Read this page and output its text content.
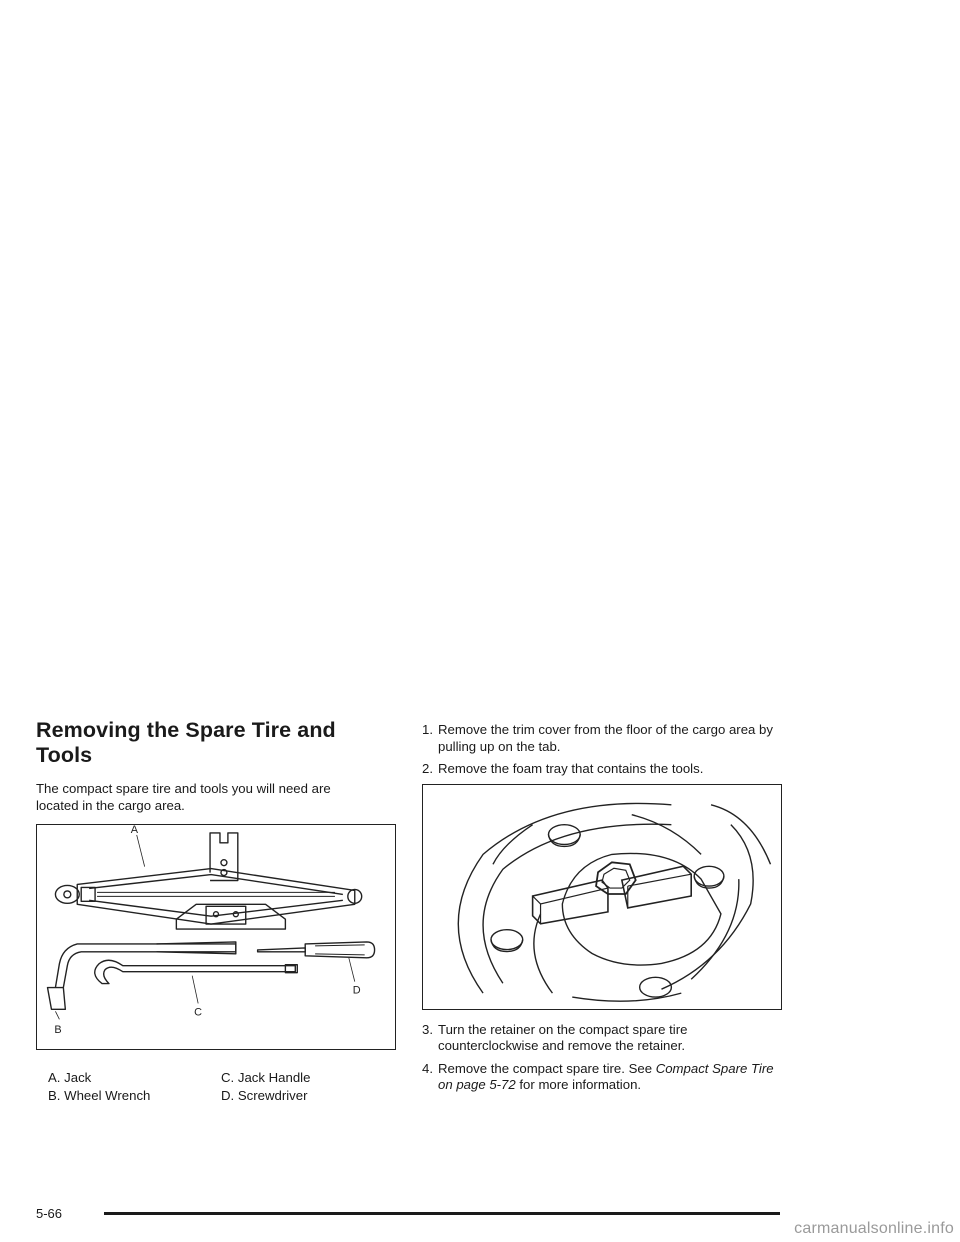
Removing the Spare Tire and Tools

The compact spare tire and tools you will need are located in the cargo area.

A
B
C
D
A. Jack	C. Jack Handle
B. Wheel Wrench	D. Screwdriver
1. Remove the trim cover from the floor of the cargo area by pulling up on the tab.
2. Remove the foam tray that contains the tools.
3. Turn the retainer on the compact spare tire counterclockwise and remove the retainer.
4. Remove the compact spare tire. See Compact Spare Tire on page 5-72 for more information.
5-66
carmanualsonline.info
